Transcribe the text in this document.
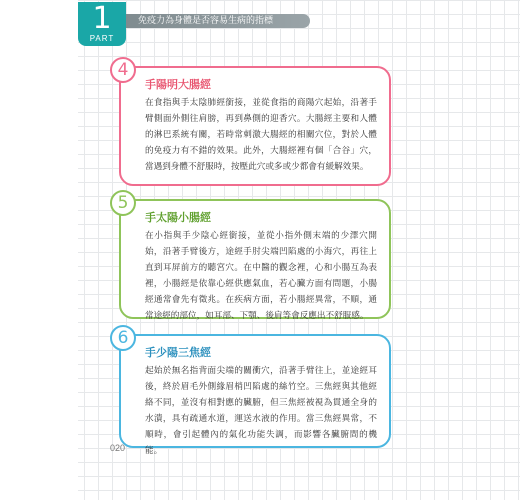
1
PART
免疫力為身體是否容易生病的指標
手陽明大腸經

在食指與手太陰肺經銜接，並從食指的商陽穴起始，沿著手臂側面外側往肩膀，再到鼻側的迎香穴。大腸經主要和人體的淋巴系統有關，若時常刺激大腸經的相關穴位，對於人體的免疫力有不錯的效果。此外，大腸經裡有個「合谷」穴，當遇到身體不舒服時，按壓此穴或多或少都會有緩解效果。

4
手太陽小腸經

在小指與手少陰心經銜接，並從小指外側末端的少澤穴開始，沿著手臂後方，途經手肘尖端凹陷處的小海穴，再往上直到耳屏前方的聽宮穴。在中醫的觀念裡，心和小腸互為表裡，小腸經是依靠心經供應氣血，若心臟方面有問題，小腸經通常會先有徵兆。在疾病方面，若小腸經異常，不順，通常途經的部位，如耳部、下顎、後肩等會反應出不舒服感。

5
手少陽三焦經

起始於無名指背面尖端的關衝穴，沿著手臂往上，並途經耳後，終於眉毛外側緣眉梢凹陷處的絲竹空。三焦經與其他經絡不同，並沒有相對應的臟腑，但三焦經被視為貫通全身的水潰，具有疏通水道，運送水液的作用。當三焦經異常，不順時，會引起體內的氣化功能失調，而影響各臟腑間的機能。

6
020
